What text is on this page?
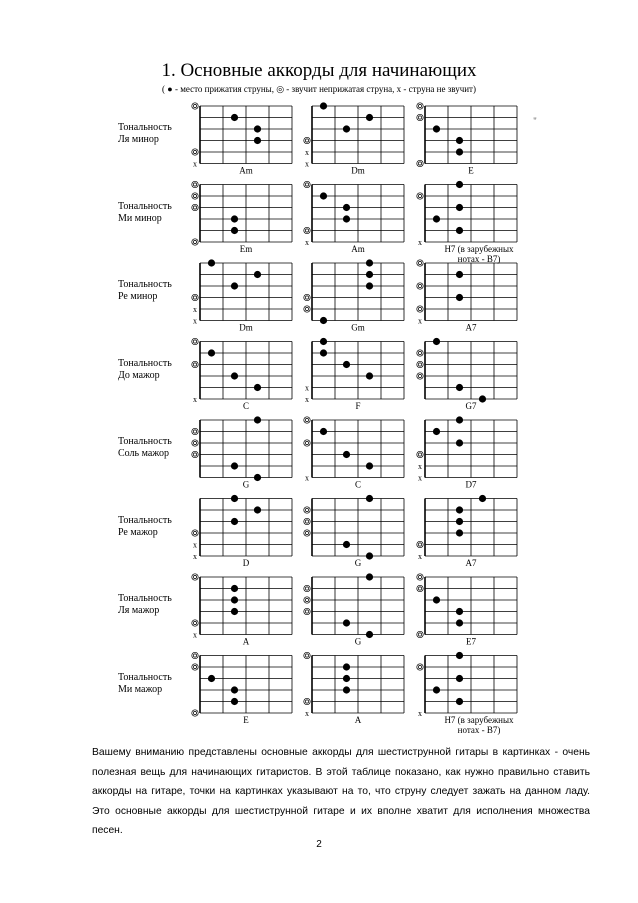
1. Основные аккорды для начинающих
( ● - место прижатия струны, ◎ - звучит неприжатая струна, х - струна не звучит)
x
Am
x
x
Dm	E
Em
x
Am
x
H7 (в зарубежных
нотах - B7)
x
x
Dm	Gm
x
A7
x
C
x
x
F	G7
G
x
C
x
x
D7
x
x
D	G
x
A7
x
A	G	E7
E
x
A
x
H7 (в зарубежных
нотах - B7)
Тональность
Ля минор
Тональность
Ми минор
Тональность
Ре минор
Тональность
До мажор
Тональность
Соль мажор
Тональность
Ре мажор
Тональность
Ля мажор
Тональность
Ми мажор
"
Вашему вниманию представлены основные аккорды для шестиструнной гитары в картинках - очень полезная вещь для начинающих гитаристов. В этой таблице показано, как нужно правильно ставить аккорды на гитаре, точки на картинках указывают на то, что струну следует зажать на данном ладу. Это основные аккорды для шестиструнной гитаре и их вполне хватит для исполнения множества песен.
2
